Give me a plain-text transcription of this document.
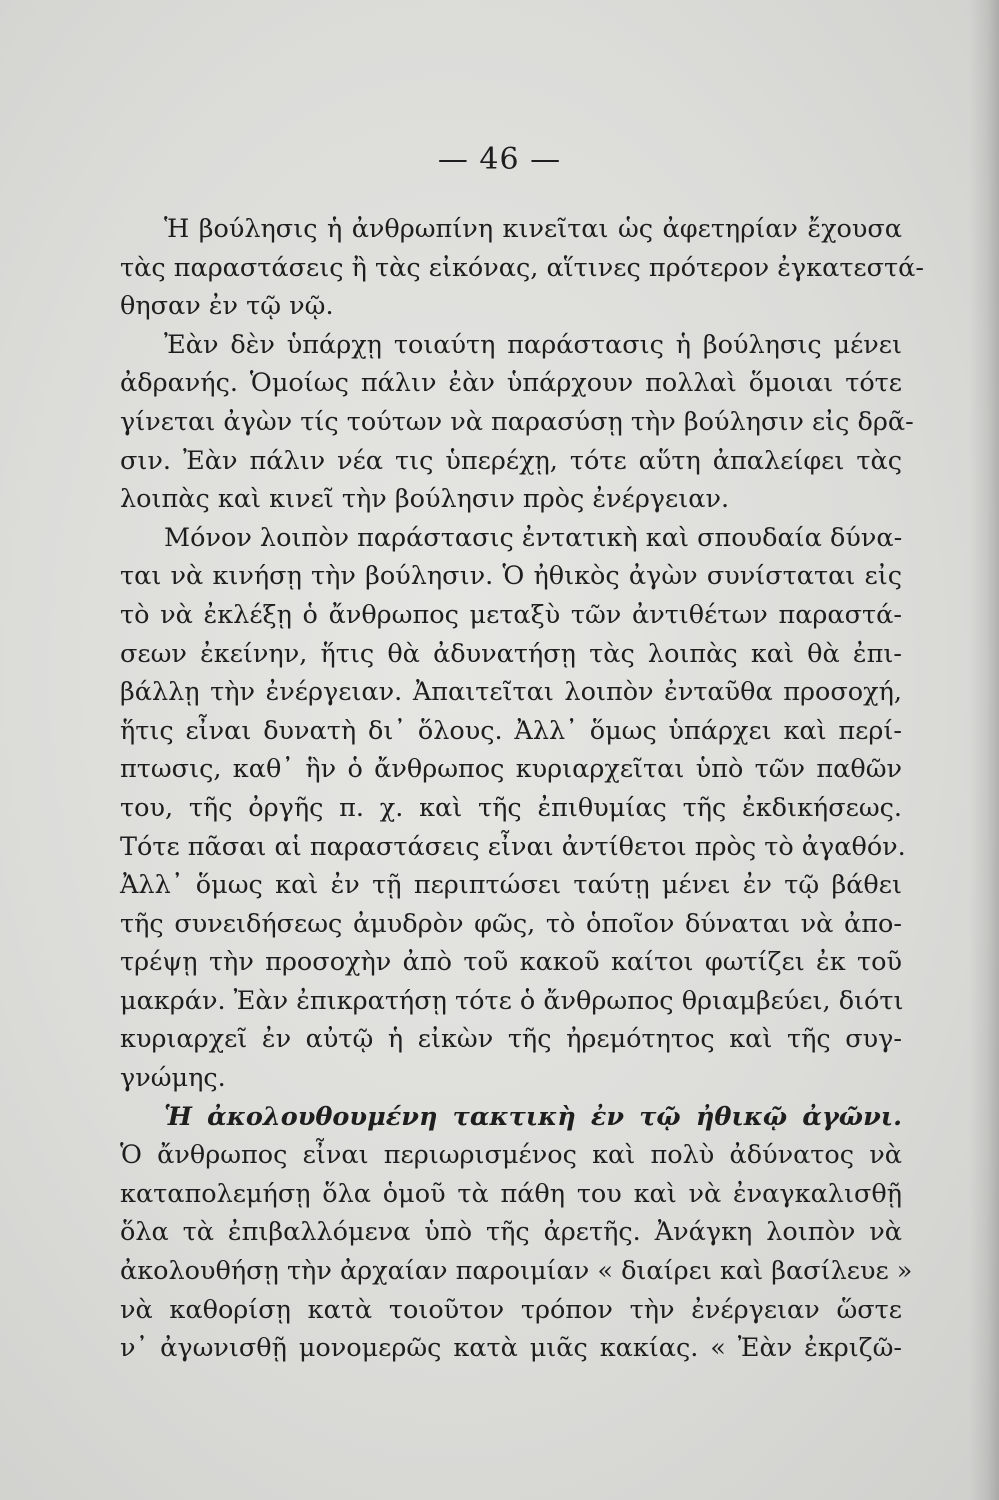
— 46 —
Ἡ βούλησις ἡ ἀνθρωπίνη κινεῖται ὡς ἀφετηρίαν ἔχουσα
τὰς παραστάσεις ἢ τὰς εἰκόνας, αἵτινες πρότερον ἐγκατεστά-
θησαν ἐν τῷ νῷ.
Ἐὰν δὲν ὑπάρχῃ τοιαύτη παράστασις ἡ βούλησις μένει
ἀδρανής. Ὁμοίως πάλιν ἐὰν ὑπάρχουν πολλαὶ ὅμοιαι τότε
γίνεται ἀγὼν τίς τούτων νὰ παρασύσῃ τὴν βούλησιν εἰς δρᾶ-
σιν. Ἐὰν πάλιν νέα τις ὑπερέχῃ, τότε αὕτη ἀπαλείφει τὰς
λοιπὰς καὶ κινεῖ τὴν βούλησιν πρὸς ἐνέργειαν.
Μόνον λοιπὸν παράστασις ἐντατικὴ καὶ σπουδαία δύνα-
ται νὰ κινήσῃ τὴν βούλησιν. Ὁ ἠθικὸς ἀγὼν συνίσταται εἰς
τὸ νὰ ἐκλέξῃ ὁ ἄνθρωπος μεταξὺ τῶν ἀντιθέτων παραστά-
σεων ἐκείνην, ἥτις θὰ ἀδυνατήσῃ τὰς λοιπὰς καὶ θὰ ἐπι-
βάλλῃ τὴν ἐνέργειαν. Ἀπαιτεῖται λοιπὸν ἐνταῦθα προσοχή,
ἥτις εἶναι δυνατὴ δι᾽ ὅλους. Ἀλλ᾽ ὅμως ὑπάρχει καὶ περί-
πτωσις, καθ᾽ ἣν ὁ ἄνθρωπος κυριαρχεῖται ὑπὸ τῶν παθῶν
του, τῆς ὀργῆς π. χ. καὶ τῆς ἐπιθυμίας τῆς ἐκδικήσεως.
Τότε πᾶσαι αἱ παραστάσεις εἶναι ἀντίθετοι πρὸς τὸ ἀγαθόν.
Ἀλλ᾽ ὅμως καὶ ἐν τῇ περιπτώσει ταύτῃ μένει ἐν τῷ βάθει
τῆς συνειδήσεως ἀμυδρὸν φῶς, τὸ ὁποῖον δύναται νὰ ἀπο-
τρέψῃ τὴν προσοχὴν ἀπὸ τοῦ κακοῦ καίτοι φωτίζει ἐκ τοῦ
μακράν. Ἐὰν ἐπικρατήσῃ τότε ὁ ἄνθρωπος θριαμβεύει, διότι
κυριαρχεῖ ἐν αὐτῷ ἡ εἰκὼν τῆς ἠρεμότητος καὶ τῆς συγ-
γνώμης.
Ἡ ἀκολουθουμένη τακτικὴ ἐν τῷ ἠθικῷ ἀγῶνι.
Ὁ ἄνθρωπος εἶναι περιωρισμένος καὶ πολὺ ἀδύνατος νὰ
καταπολεμήσῃ ὅλα ὁμοῦ τὰ πάθη του καὶ νὰ ἐναγκαλισθῇ
ὅλα τὰ ἐπιβαλλόμενα ὑπὸ τῆς ἀρετῆς. Ἀνάγκη λοιπὸν νὰ
ἀκολουθήσῃ τὴν ἀρχαίαν παροιμίαν « διαίρει καὶ βασίλευε »
νὰ καθορίσῃ κατὰ τοιοῦτον τρόπον τὴν ἐνέργειαν ὥστε
ν᾽ ἀγωνισθῇ μονομερῶς κατὰ μιᾶς κακίας. « Ἐὰν ἐκριζῶ-
